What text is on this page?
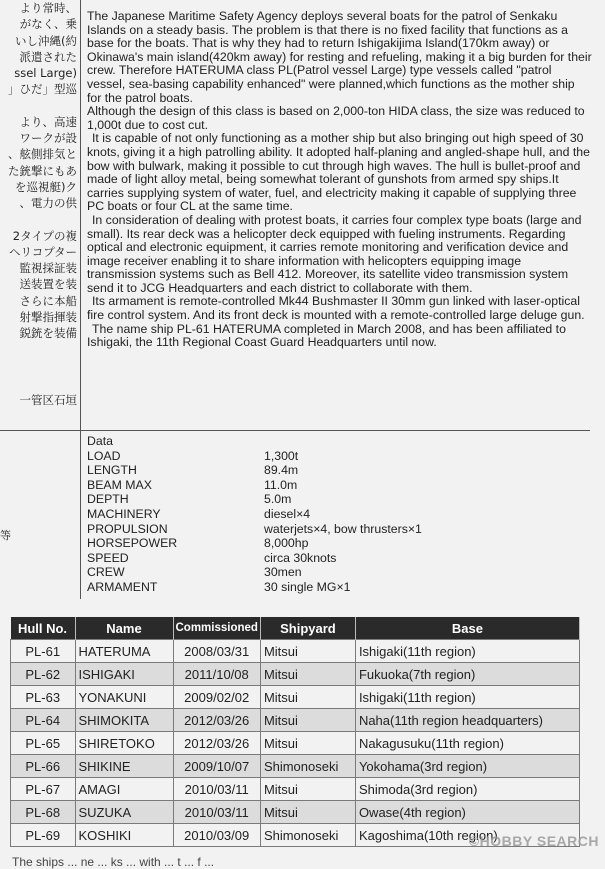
より常時、
がなく、乗
いし沖縄(約
派遣された
ssel Large)
」ひだ」型巡
より、高速
ワークが設
、舷側排気と
た銃撃にもあ
を巡視艇)ク
、電力の供
2タイプの複
ヘリコプター
監視採証装
送装置を装
さらに本船
射撃指揮装
鋭銃を装備
一管区石垣

The Japanese Maritime Safety Agency deploys several boats for the patrol of Senkaku Islands on a steady basis. The problem is that there is no fixed facility that functions as a base for the boats. That is why they had to return Ishigakijima Island(170km away) or Okinawa's main island(420km away) for resting and refueling, making it a big burden for their crew. Therefore HATERUMA class PL(Patrol vessel Large) type vessels called "patrol vessel, sea-basing capability enhanced" were planned,which functions as the mother ship for the patrol boats.

Although the design of this class is based on 2,000-ton HIDA class, the size was reduced to 1,000t due to cost cut.

It is capable of not only functioning as a mother ship but also bringing out high speed of 30 knots, giving it a high patrolling ability. It adopted half-planing and angled-shape hull, and the bow with bulwark, making it possible to cut through high waves. The hull is bullet-proof and made of light alloy metal, being somewhat tolerant of gunshots from armed spy ships.It carries supplying system of water, fuel, and electricity making it capable of supplying three PC boats or four CL at the same time.

In consideration of dealing with protest boats, it carries four complex type boats (large and small). Its rear deck was a helicopter deck equipped with fueling instruments. Regarding optical and electronic equipment, it carries remote monitoring and verification device and image receiver enabling it to share information with helicopters equipping image transmission systems such as Bell 412. Moreover, its satellite video transmission system send it to JCG Headquarters and each district to collaborate with them.

Its armament is remote-controlled Mk44 Bushmaster II 30mm gun linked with laser-optical fire control system. And its front deck is mounted with a remote-controlled large deluge gun.

The name ship PL-61 HATERUMA completed in March 2008, and has been affiliated to Ishigaki, the 11th Regional Coast Guard Headquarters until now.

等
Data
LOAD	1,300t
LENGTH	89.4m
BEAM MAX	11.0m
DEPTH	5.0m
MACHINERY	diesel×4
PROPULSION	waterjets×4, bow thrusters×1
HORSEPOWER	8,000hp
SPEED	circa 30knots
CREW	30men
ARMAMENT	30 single MG×1
Hull No.	Name	Commissioned	Shipyard	Base
PL-61	HATERUMA	2008/03/31	Mitsui	Ishigaki(11th region)
PL-62	ISHIGAKI	2011/10/08	Mitsui	Fukuoka(7th region)
PL-63	YONAKUNI	2009/02/02	Mitsui	Ishigaki(11th region)
PL-64	SHIMOKITA	2012/03/26	Mitsui	Naha(11th region headquarters)
PL-65	SHIRETOKO	2012/03/26	Mitsui	Nakagusuku(11th region)
PL-66	SHIKINE	2009/10/07	Shimonoseki	Yokohama(3rd region)
PL-67	AMAGI	2010/03/11	Mitsui	Shimoda(3rd region)
PL-68	SUZUKA	2010/03/11	Mitsui	Owase(4th region)
PL-69	KOSHIKI	2010/03/09	Shimonoseki	Kagoshima(10th region)
©HOBBY SEARCH
The ships ... ne ... ks ... with ... t ... f ...
